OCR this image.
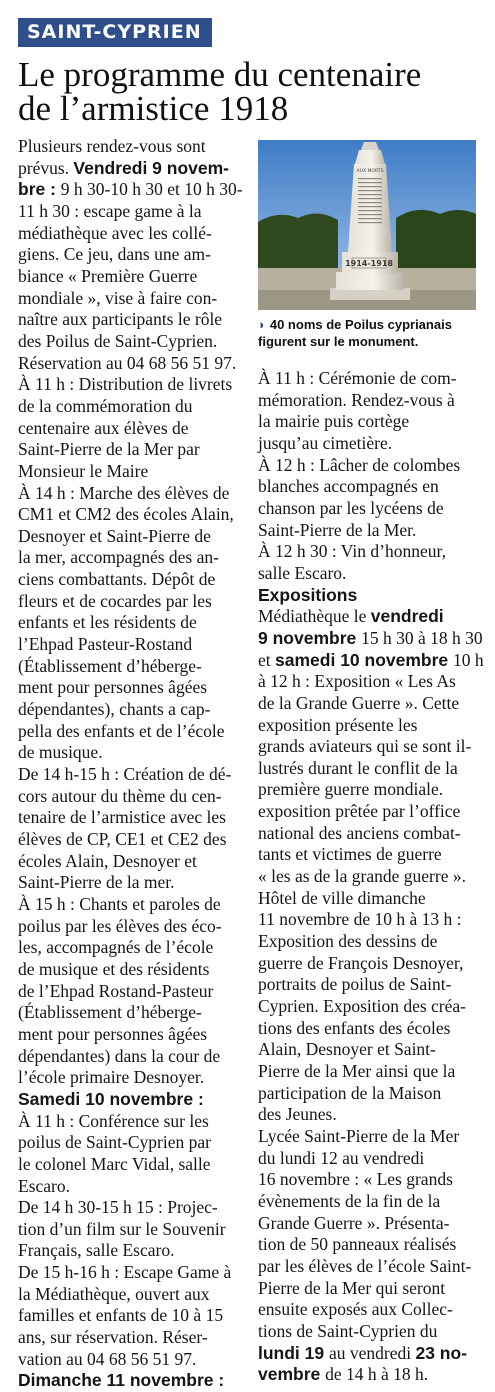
SAINT-CYPRIEN
Le programme du centenaire
de l’armistice 1918
Plusieurs rendez-vous sont
prévus. Vendredi 9 novem-
bre : 9 h 30-10 h 30 et 10 h 30-
11 h 30 : escape game à la
médiathèque avec les collé-
giens. Ce jeu, dans une am-
biance « Première Guerre
mondiale », vise à faire con-
naître aux participants le rôle
des Poilus de Saint-Cyprien.
Réservation au 04 68 56 51 97.
À 11 h : Distribution de livrets
de la commémoration du
centenaire aux élèves de
Saint-Pierre de la Mer par
Monsieur le Maire
À 14 h : Marche des élèves de
CM1 et CM2 des écoles Alain,
Desnoyer et Saint-Pierre de
la mer, accompagnés des an-
ciens combattants. Dépôt de
fleurs et de cocardes par les
enfants et les résidents de
l’Ehpad Pasteur-Rostand
(Établissement d’héberge-
ment pour personnes âgées
dépendantes), chants a cap-
pella des enfants et de l’école
de musique.
De 14 h-15 h : Création de dé-
cors autour du thème du cen-
tenaire de l’armistice avec les
élèves de CP, CE1 et CE2 des
écoles Alain, Desnoyer et
Saint-Pierre de la mer.
À 15 h : Chants et paroles de
poilus par les élèves des éco-
les, accompagnés de l’école
de musique et des résidents
de l’Ehpad Rostand-Pasteur
(Établissement d’héberge-
ment pour personnes âgées
dépendantes) dans la cour de
l’école primaire Desnoyer.
Samedi 10 novembre :
À 11 h : Conférence sur les
poilus de Saint-Cyprien par
le colonel Marc Vidal, salle
Escaro.
De 14 h 30-15 h 15 : Projec-
tion d’un film sur le Souvenir
Français, salle Escaro.
De 15 h-16 h : Escape Game à
la Médiathèque, ouvert aux
familles et enfants de 10 à 15
ans, sur réservation. Réser-
vation au 04 68 56 51 97.
Dimanche 11 novembre :
1914-1918
AUX MORTS
◗ 40 noms de Poilus cyprianais
figurent sur le monument.
À 11 h : Cérémonie de com-
mémoration. Rendez-vous à
la mairie puis cortège
jusqu’au cimetière.
À 12 h : Lâcher de colombes
blanches accompagnés en
chanson par les lycéens de
Saint-Pierre de la Mer.
À 12 h 30 : Vin d’honneur,
salle Escaro.
Expositions
Médiathèque le vendredi
9 novembre 15 h 30 à 18 h 30
et samedi 10 novembre 10 h
à 12 h : Exposition « Les As
de la Grande Guerre ». Cette
exposition présente les
grands aviateurs qui se sont il-
lustrés durant le conflit de la
première guerre mondiale.
exposition prêtée par l’office
national des anciens combat-
tants et victimes de guerre
« les as de la grande guerre ».
Hôtel de ville dimanche
11 novembre de 10 h à 13 h :
Exposition des dessins de
guerre de François Desnoyer,
portraits de poilus de Saint-
Cyprien. Exposition des créa-
tions des enfants des écoles
Alain, Desnoyer et Saint-
Pierre de la Mer ainsi que la
participation de la Maison
des Jeunes.
Lycée Saint-Pierre de la Mer
du lundi 12 au vendredi
16 novembre : « Les grands
évènements de la fin de la
Grande Guerre ». Présenta-
tion de 50 panneaux réalisés
par les élèves de l’école Saint-
Pierre de la Mer qui seront
ensuite exposés aux Collec-
tions de Saint-Cyprien du
lundi 19 au vendredi 23 no-
vembre de 14 h à 18 h.
